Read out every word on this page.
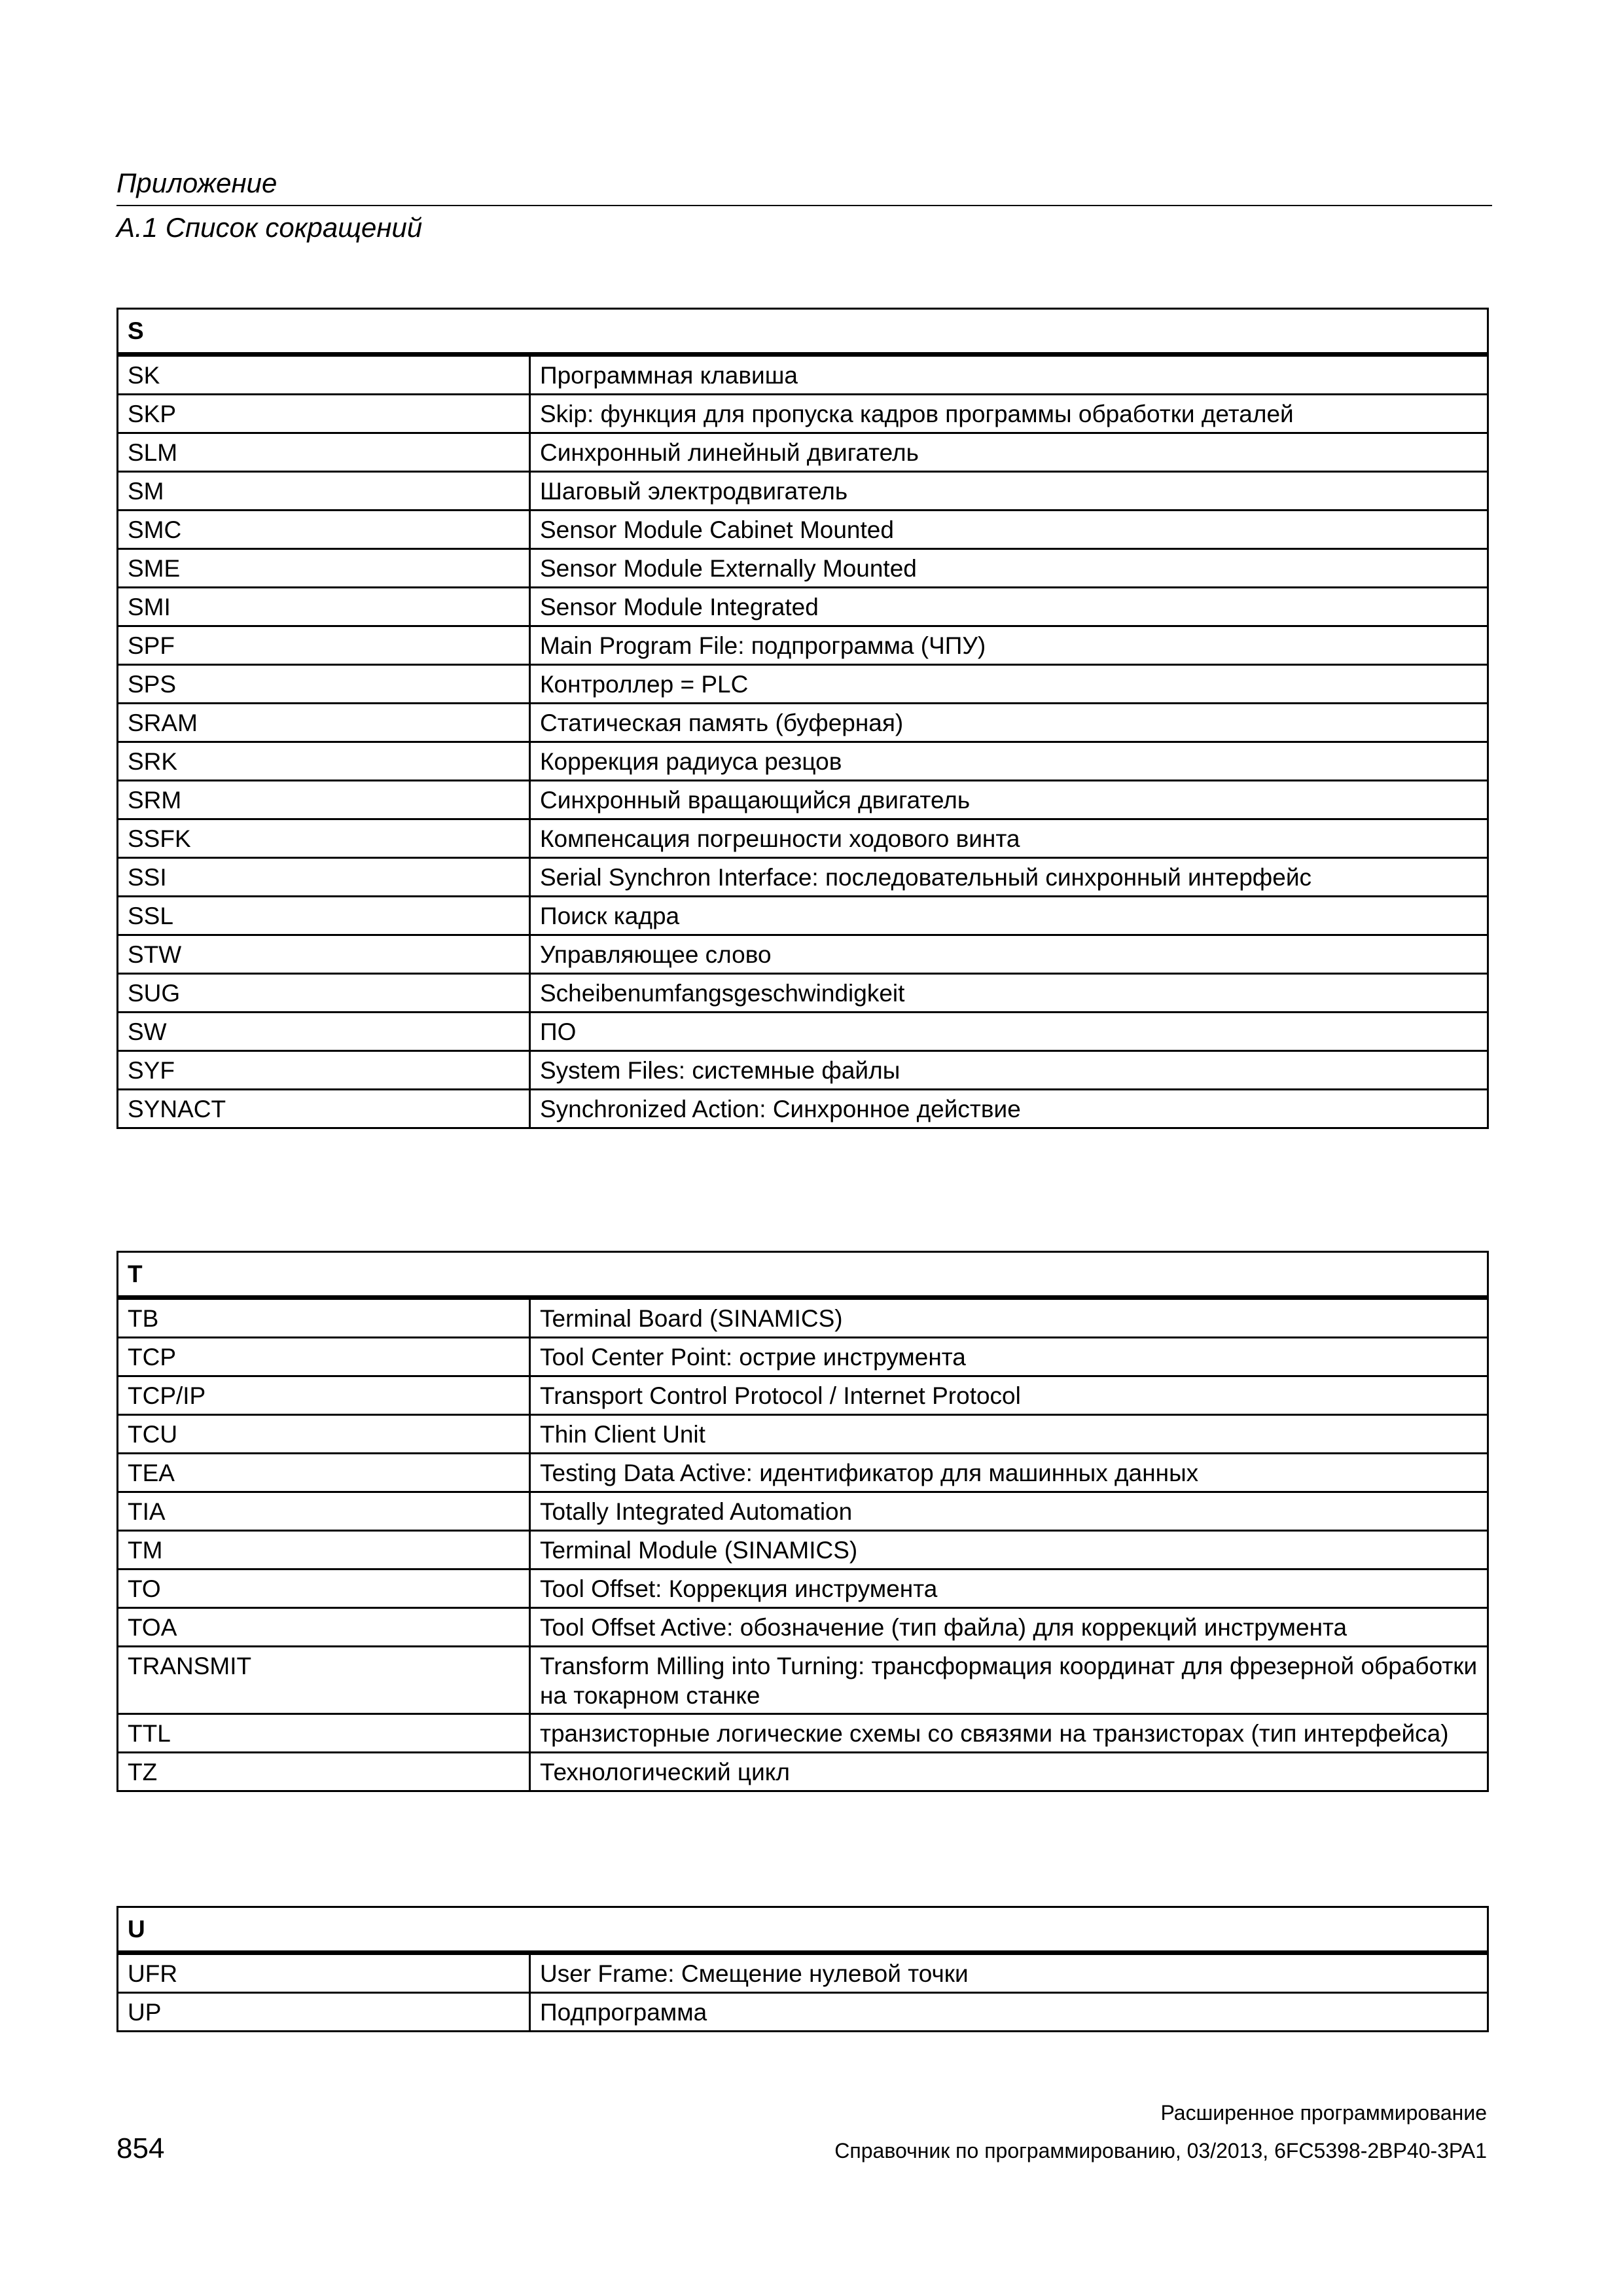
Приложение
A.1 Список сокращений
S	
SK	Программная клавиша
SKP	Skip: функция для пропуска кадров программы обработки деталей
SLM	Синхронный линейный двигатель
SM	Шаговый электродвигатель
SMC	Sensor Module Cabinet Mounted
SME	Sensor Module Externally Mounted
SMI	Sensor Module Integrated
SPF	Main Program File: подпрограмма (ЧПУ)
SPS	Контроллер = PLC
SRAM	Статическая память (буферная)
SRK	Коррекция радиуса резцов
SRM	Синхронный вращающийся двигатель
SSFK	Компенсация погрешности ходового винта
SSI	Serial Synchron Interface: последовательный синхронный интерфейс
SSL	Поиск кадра
STW	Управляющее слово
SUG	Scheibenumfangsgeschwindigkeit
SW	ПО
SYF	System Files: системные файлы
SYNACT	Synchronized Action: Синхронное действие
T	
TB	Terminal Board (SINAMICS)
TCP	Tool Center Point: острие инструмента
TCP/IP	Transport Control Protocol / Internet Protocol
TCU	Thin Client Unit
TEA	Testing Data Active: идентификатор для машинных данных
TIA	Totally Integrated Automation
TM	Terminal Module (SINAMICS)
TO	Tool Offset: Коррекция инструмента
TOA	Tool Offset Active: обозначение (тип файла) для коррекций инструмента
TRANSMIT	Transform Milling into Turning: трансформация координат для фрезерной обработки на токарном станке
TTL	транзисторные логические схемы со связями на транзисторах (тип интерфейса)
TZ	Технологический цикл
U	
UFR	User Frame: Смещение нулевой точки
UP	Подпрограмма
Расширенное программирование
854	Справочник по программированию, 03/2013, 6FC5398-2BP40-3PA1
